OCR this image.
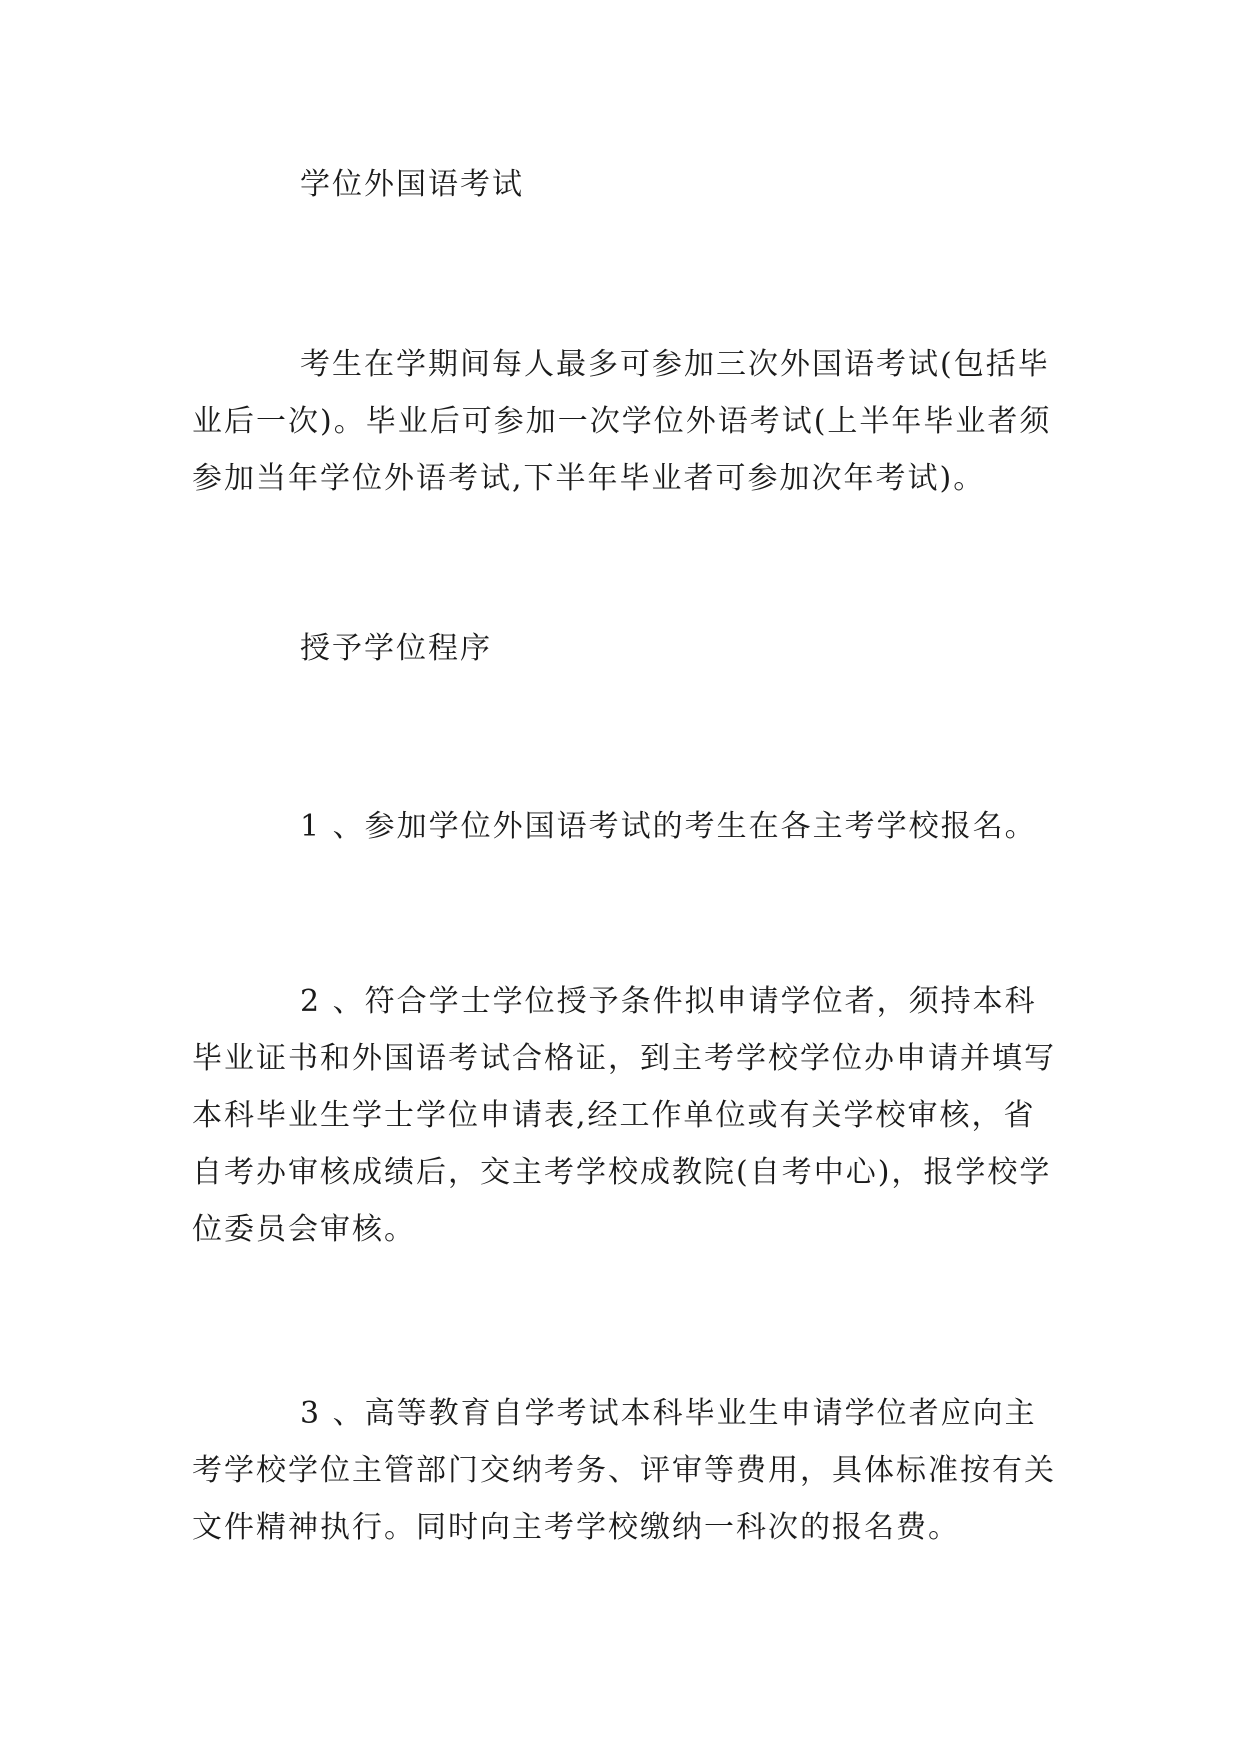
学位外国语考试

考生在学期间每人最多可参加三次外国语考试(包括毕业后一次)。毕业后可参加一次学位外语考试(上半年毕业者须参加当年学位外语考试,下半年毕业者可参加次年考试)。

授予学位程序

1 、参加学位外国语考试的考生在各主考学校报名。

2 、符合学士学位授予条件拟申请学位者，须持本科毕业证书和外国语考试合格证，到主考学校学位办申请并填写本科毕业生学士学位申请表,经工作单位或有关学校审核，省自考办审核成绩后，交主考学校成教院(自考中心)，报学校学位委员会审核。

3 、高等教育自学考试本科毕业生申请学位者应向主考学校学位主管部门交纳考务、评审等费用，具体标准按有关文件精神执行。同时向主考学校缴纳一科次的报名费。
